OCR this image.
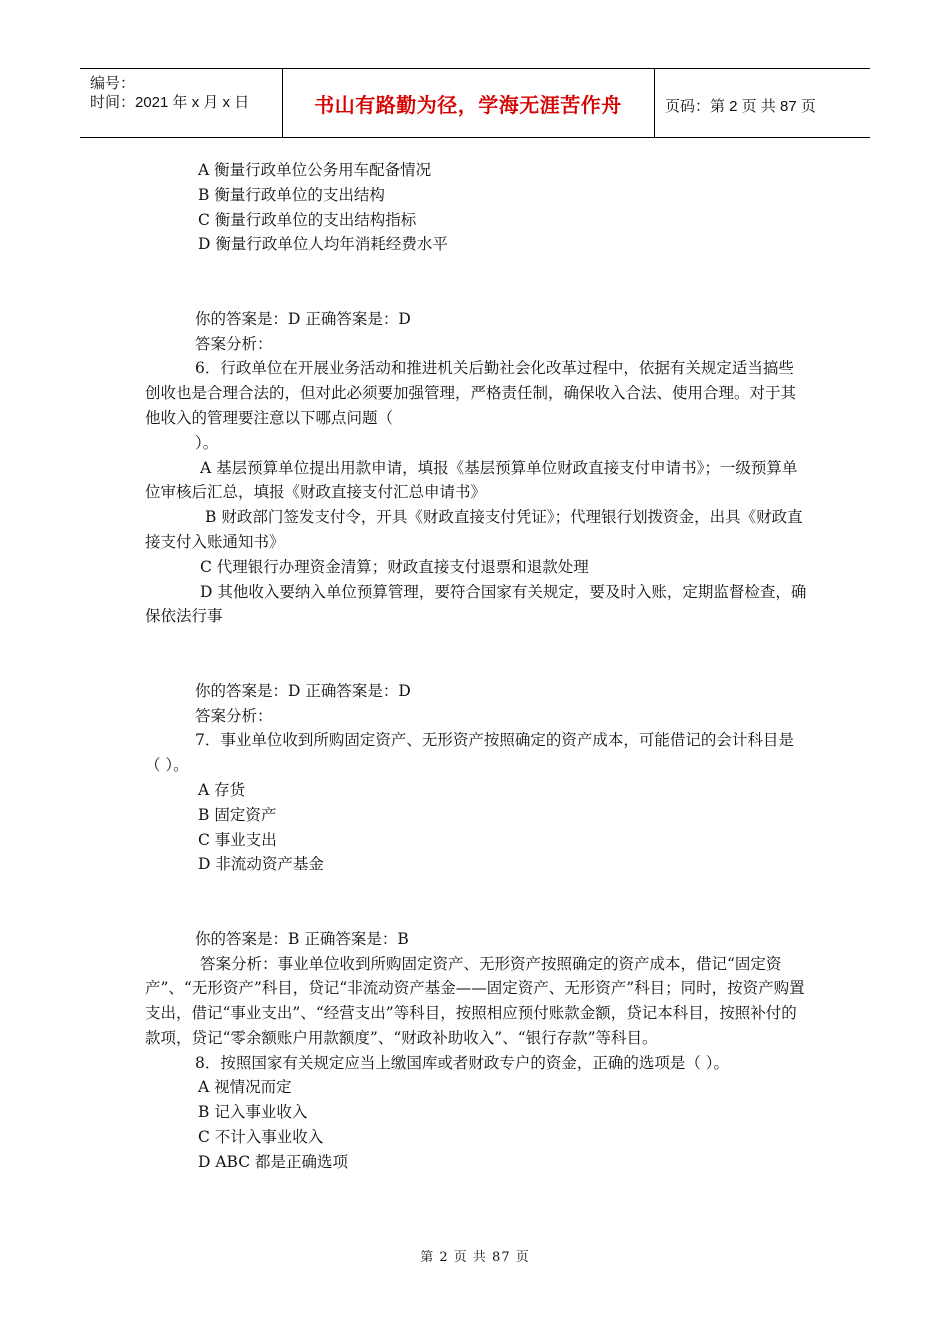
编号：
时间：2021 年 x 月 x 日	书山有路勤为径，学海无涯苦作舟	页码：第 2 页 共 87 页

A 衡量行政单位公务用车配备情况

B 衡量行政单位的支出结构

C 衡量行政单位的支出结构指标

D 衡量行政单位人均年消耗经费水平

你的答案是：D 正确答案是：D

答案分析：

6．行政单位在开展业务活动和推进机关后勤社会化改革过程中，依据有关规定适当搞些创收也是合理合法的，但对此必须要加强管理，严格责任制，确保收入合法、使用合理。对于其他收入的管理要注意以下哪点问题（

）。

A 基层预算单位提出用款申请，填报《基层预算单位财政直接支付申请书》；一级预算单位审核后汇总，填报《财政直接支付汇总申请书》

B 财政部门签发支付令，开具《财政直接支付凭证》；代理银行划拨资金，出具《财政直接支付入账通知书》

C 代理银行办理资金清算；财政直接支付退票和退款处理

D 其他收入要纳入单位预算管理，要符合国家有关规定，要及时入账，定期监督检查，确保依法行事

你的答案是：D 正确答案是：D

答案分析：

7．事业单位收到所购固定资产、无形资产按照确定的资产成本，可能借记的会计科目是（ ）。

A 存货

B 固定资产

C 事业支出

D 非流动资产基金

你的答案是：B 正确答案是：B

答案分析：事业单位收到所购固定资产、无形资产按照确定的资产成本，借记“固定资产”、“无形资产”科目，贷记“非流动资产基金——固定资产、无形资产”科目；同时，按资产购置支出，借记“事业支出”、“经营支出”等科目，按照相应预付账款金额，贷记本科目，按照补付的款项，贷记“零余额账户用款额度”、“财政补助收入”、“银行存款”等科目。

8．按照国家有关规定应当上缴国库或者财政专户的资金，正确的选项是（ ）。

A 视情况而定

B 记入事业收入

C 不计入事业收入

D ABC 都是正确选项

第 2 页 共 87 页
